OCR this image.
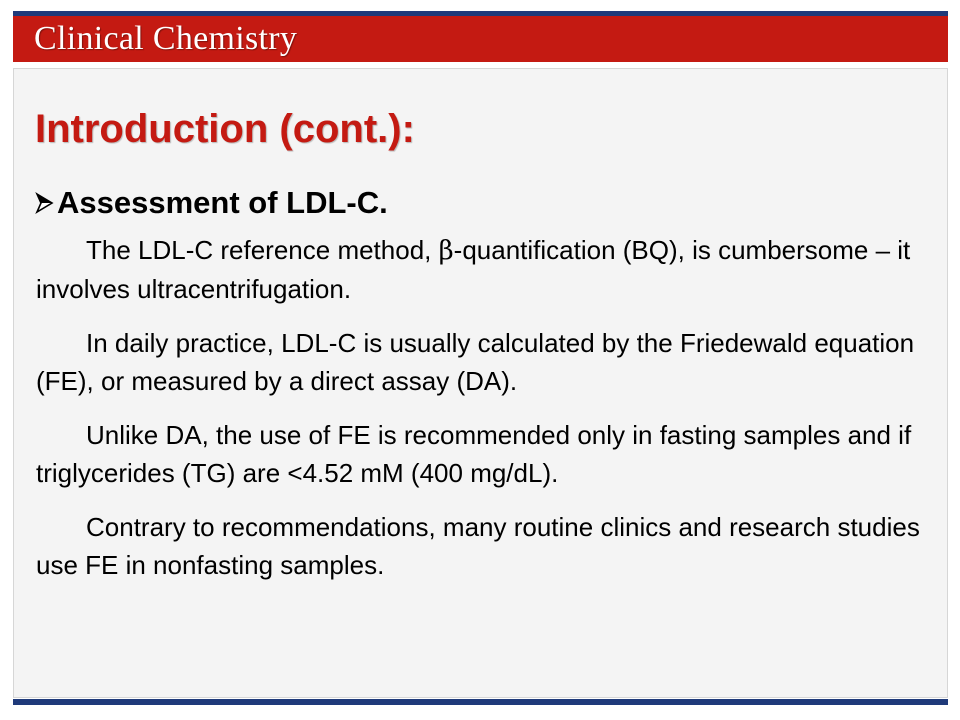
Clinical Chemistry
Introduction (cont.):
Assessment of LDL-C.

The LDL-C reference method, β-quantification (BQ), is cumbersome – it involves ultracentrifugation.

In daily practice, LDL-C is usually calculated by the Friedewald equation (FE), or measured by a direct assay (DA).

Unlike DA, the use of FE is recommended only in fasting samples and if triglycerides (TG) are <4.52 mM (400 mg/dL).

Contrary to recommendations, many routine clinics and research studies use FE in nonfasting samples.
